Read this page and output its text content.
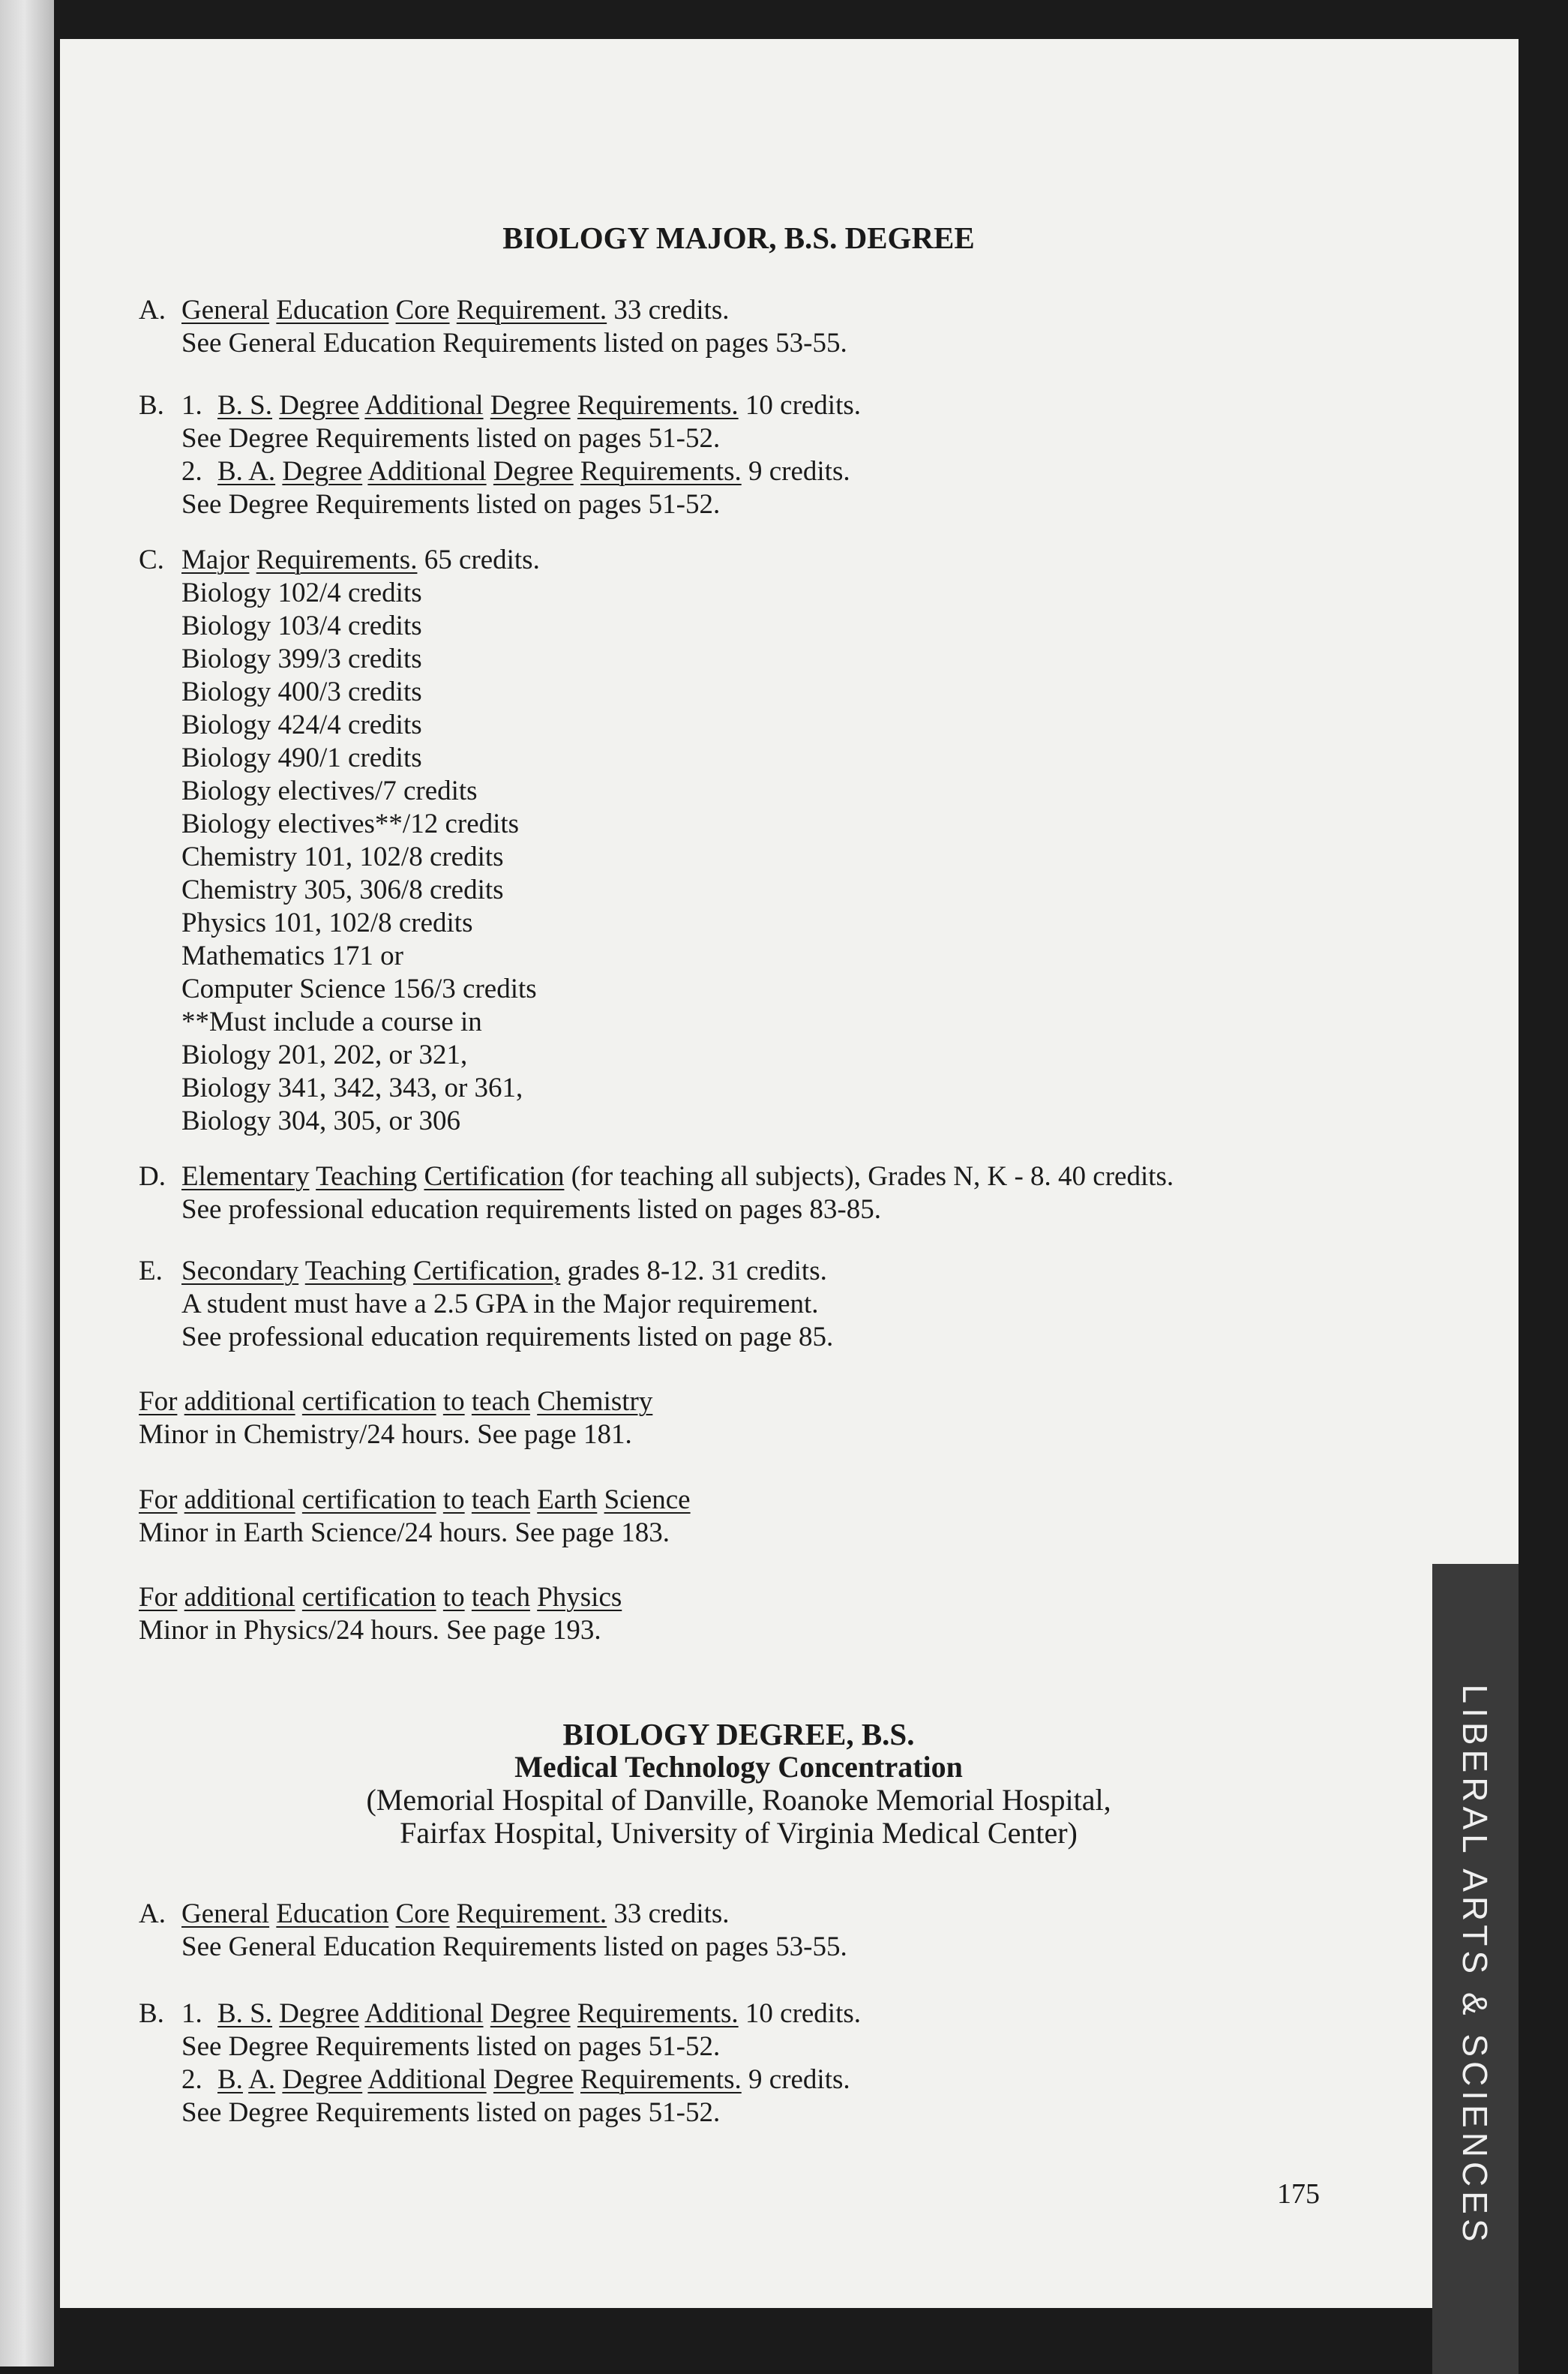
LIBERAL ARTS & SCIENCES
BIOLOGY MAJOR, B.S. DEGREE
A. General Education Core Requirement. 33 credits.
See General Education Requirements listed on pages 53-55.
B. 1. B. S. Degree Additional Degree Requirements. 10 credits.
See Degree Requirements listed on pages 51-52.
2. B. A. Degree Additional Degree Requirements. 9 credits.
See Degree Requirements listed on pages 51-52.
C. Major Requirements. 65 credits.
Biology 102/4 credits
Biology 103/4 credits
Biology 399/3 credits
Biology 400/3 credits
Biology 424/4 credits
Biology 490/1 credits
Biology electives/7 credits
Biology electives**/12 credits
Chemistry 101, 102/8 credits
Chemistry 305, 306/8 credits
Physics 101, 102/8 credits
Mathematics 171 or
Computer Science 156/3 credits
**Must include a course in
Biology 201, 202, or 321,
Biology 341, 342, 343, or 361,
Biology 304, 305, or 306
D. Elementary Teaching Certification (for teaching all subjects), Grades N, K - 8. 40 credits.
See professional education requirements listed on pages 83-85.
E. Secondary Teaching Certification, grades 8-12. 31 credits.
A student must have a 2.5 GPA in the Major requirement.
See professional education requirements listed on page 85.
For additional certification to teach Chemistry
Minor in Chemistry/24 hours. See page 181.
For additional certification to teach Earth Science
Minor in Earth Science/24 hours. See page 183.
For additional certification to teach Physics
Minor in Physics/24 hours. See page 193.
BIOLOGY DEGREE, B.S.
Medical Technology Concentration
(Memorial Hospital of Danville, Roanoke Memorial Hospital,
Fairfax Hospital, University of Virginia Medical Center)
A. General Education Core Requirement. 33 credits.
See General Education Requirements listed on pages 53-55.
B. 1. B. S. Degree Additional Degree Requirements. 10 credits.
See Degree Requirements listed on pages 51-52.
2. B. A. Degree Additional Degree Requirements. 9 credits.
See Degree Requirements listed on pages 51-52.
175
